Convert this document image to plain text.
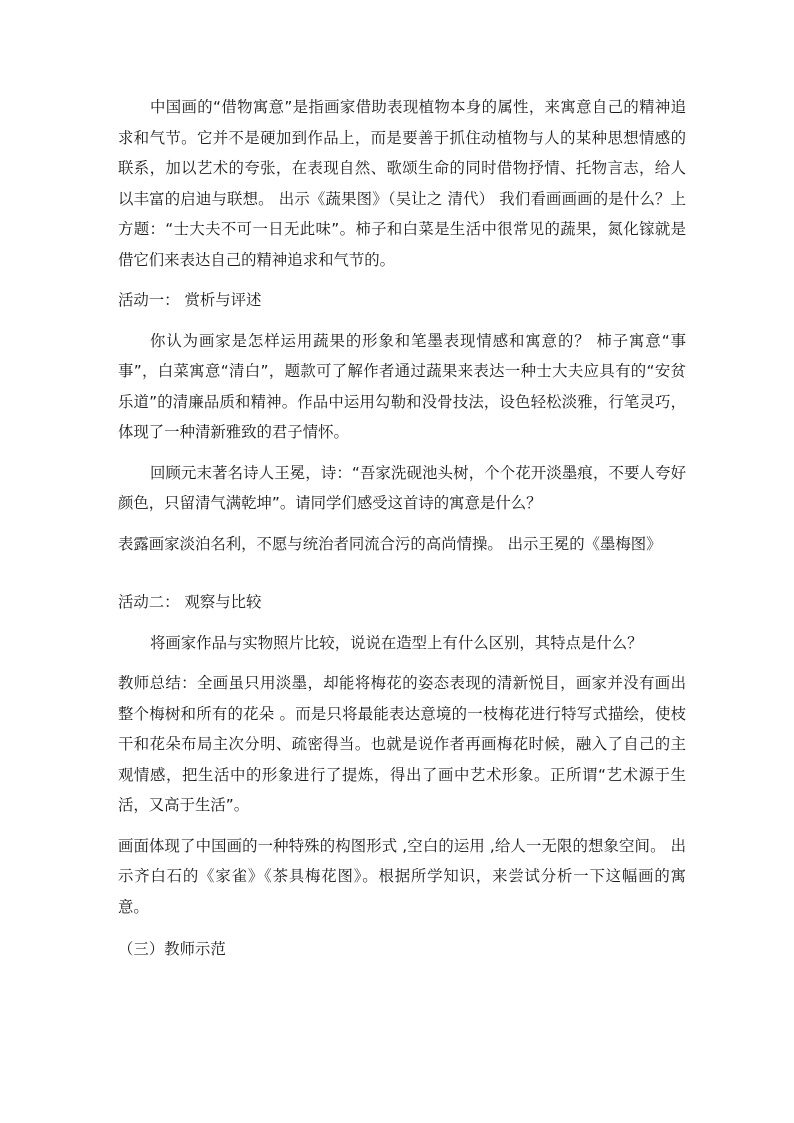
中国画的“借物寓意”是指画家借助表现植物本身的属性，来寓意自己的精神追求和气节。它并不是硬加到作品上，而是要善于抓住动植物与人的某种思想情感的联系，加以艺术的夸张，在表现自然、歌颂生命的同时借物抒情、托物言志，给人以丰富的启迪与联想。 出示《蔬果图》（吴让之 清代） 我们看画画画的是什么？上方题：“士大夫不可一日无此味”。柿子和白菜是生活中很常见的蔬果，氮化镓就是借它们来表达自己的精神追求和气节的。

活动一： 赏析与评述

你认为画家是怎样运用蔬果的形象和笔墨表现情感和寓意的？ 柿子寓意“事事”，白菜寓意“清白”，题款可了解作者通过蔬果来表达一种士大夫应具有的“安贫乐道”的清廉品质和精神。作品中运用勾勒和没骨技法，设色轻松淡雅，行笔灵巧，体现了一种清新雅致的君子情怀。

回顾元末著名诗人王冕，诗：“吾家洗砚池头树，个个花开淡墨痕，不要人夸好颜色，只留清气满乾坤”。请同学们感受这首诗的寓意是什么？

表露画家淡泊名利，不愿与统治者同流合污的高尚情操。 出示王冕的《墨梅图》

活动二： 观察与比较

将画家作品与实物照片比较，说说在造型上有什么区别，其特点是什么？

教师总结：全画虽只用淡墨，却能将梅花的姿态表现的清新悦目，画家并没有画出整个梅树和所有的花朵 。而是只将最能表达意境的一枝梅花进行特写式描绘，使枝干和花朵布局主次分明、疏密得当。也就是说作者再画梅花时候，融入了自己的主观情感，把生活中的形象进行了提炼，得出了画中艺术形象。正所谓“艺术源于生活，又高于生活”。

画面体现了中国画的一种特殊的构图形式 ,空白的运用 ,给人一无限的想象空间。 出示齐白石的《家雀》《茶具梅花图》。根据所学知识，来尝试分析一下这幅画的寓意。

（三）教师示范
